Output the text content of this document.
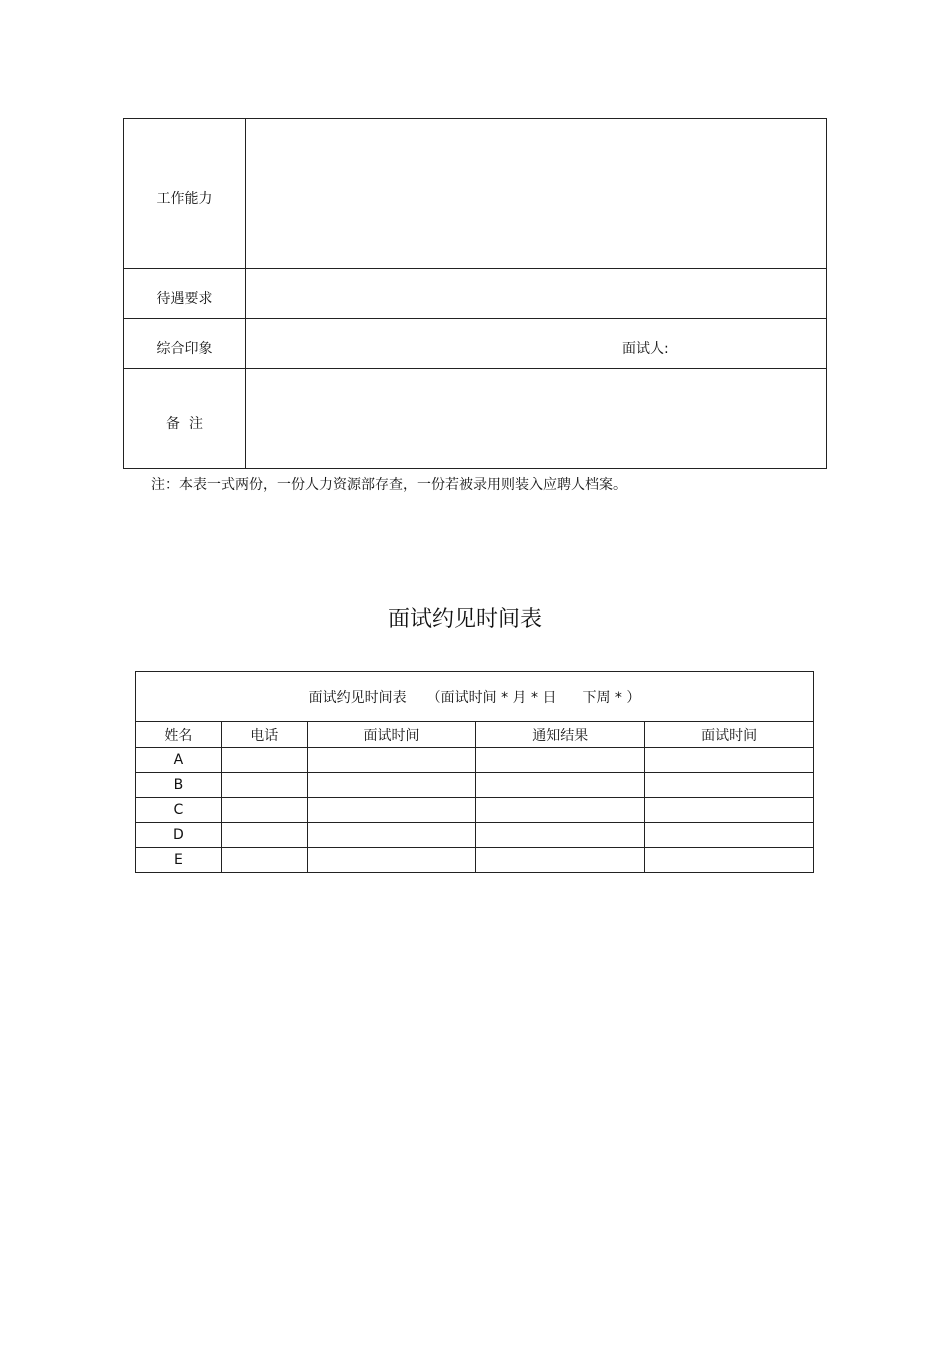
工作能力	
待遇要求	
综合印象	面试人:

备  注	
注：本表一式两份，一份人力资源部存查，一份若被录用则装入应聘人档案。
面试约见时间表
面试约见时间表 （面试时间 * 月 * 日 下周 * ）				
姓名	电话	面试时间	通知结果	面试时间
A				
B				
C				
D				
E				
